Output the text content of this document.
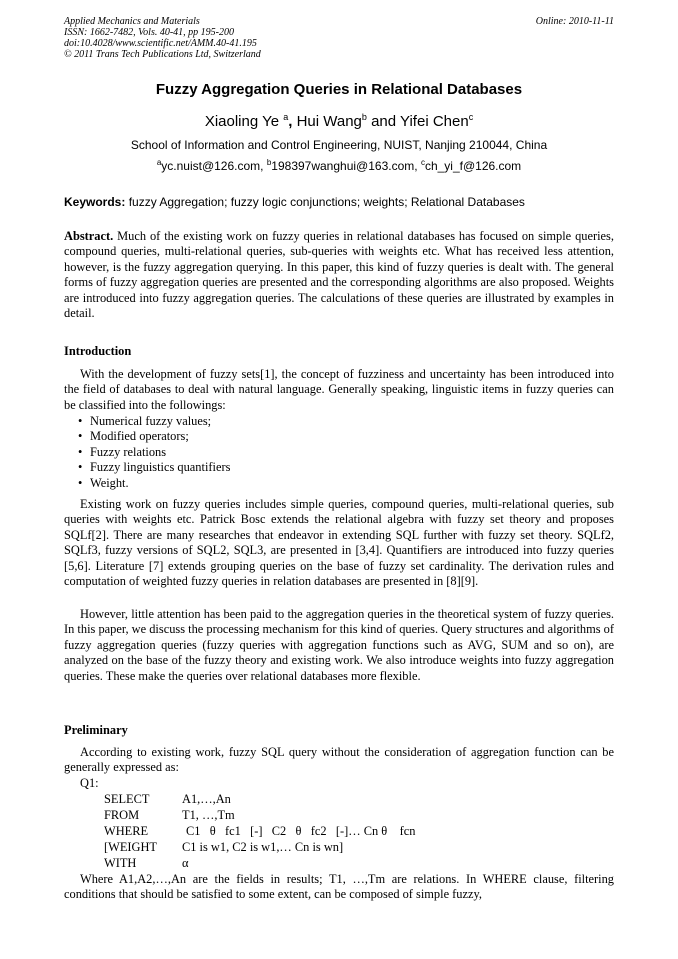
Applied Mechanics and Materials
ISSN: 1662-7482, Vols. 40-41, pp 195-200
doi:10.4028/www.scientific.net/AMM.40-41.195
© 2011 Trans Tech Publications Ltd, Switzerland
Online: 2010-11-11
Fuzzy Aggregation Queries in Relational Databases
Xiaoling Ye $^a$, Hui Wang$^b$ and Yifei Chen$^c$
School of Information and Control Engineering, NUIST, Nanjing 210044, China
$^a$yc.nuist@126.com, $^b$198397wanghui@163.com, $^c$ch_yi_f@126.com
Keywords: fuzzy Aggregation; fuzzy logic conjunctions; weights; Relational Databases
Abstract. Much of the existing work on fuzzy queries in relational databases has focused on simple queries, compound queries, multi-relational queries, sub-queries with weights etc. What has received less attention, however, is the fuzzy aggregation querying. In this paper, this kind of fuzzy queries is dealt with. The general forms of fuzzy aggregation queries are presented and the corresponding algorithms are also proposed. Weights are introduced into fuzzy aggregation queries. The calculations of these queries are illustrated by examples in detail.
Introduction
With the development of fuzzy sets[1], the concept of fuzziness and uncertainty has been introduced into the field of databases to deal with natural language. Generally speaking, linguistic items in fuzzy queries can be classified into the followings:
• Numerical fuzzy values;
• Modified operators;
• Fuzzy relations
• Fuzzy linguistics quantifiers
• Weight.
Existing work on fuzzy queries includes simple queries, compound queries, multi-relational queries, sub queries with weights etc. Patrick Bosc extends the relational algebra with fuzzy set theory and proposes SQLf[2]. There are many researches that endeavor in extending SQL further with fuzzy set theory. SQLf2, SQLf3, fuzzy versions of SQL2, SQL3, are presented in [3,4]. Quantifiers are introduced into fuzzy queries [5,6]. Literature [7] extends grouping queries on the base of fuzzy set cardinality. The derivation rules and computation of weighted fuzzy queries in relation databases are presented in [8][9].
However, little attention has been paid to the aggregation queries in the theoretical system of fuzzy queries. In this paper, we discuss the processing mechanism for this kind of queries. Query structures and algorithms of fuzzy aggregation queries (fuzzy queries with aggregation functions such as AVG, SUM and so on), are analyzed on the base of the fuzzy theory and existing work. We also introduce weights into fuzzy aggregation queries. These make the queries over relational databases more flexible.
Preliminary
According to existing work, fuzzy SQL query without the consideration of aggregation function can be generally expressed as:
Q1:
SELECT	A1,…,An
FROM	T1, …,Tm
WHERE	C1   θ   fc1   [-]   C2   θ   fc2   [-]… Cn θ    fcn
[WEIGHT C1 is w1, C2 is w1,… Cn is wn]
WITH	α
Where A1,A2,…,An are the fields in results; T1, …,Tm are relations. In WHERE clause, filtering conditions that should be satisfied to some extent, can be composed of simple fuzzy,
